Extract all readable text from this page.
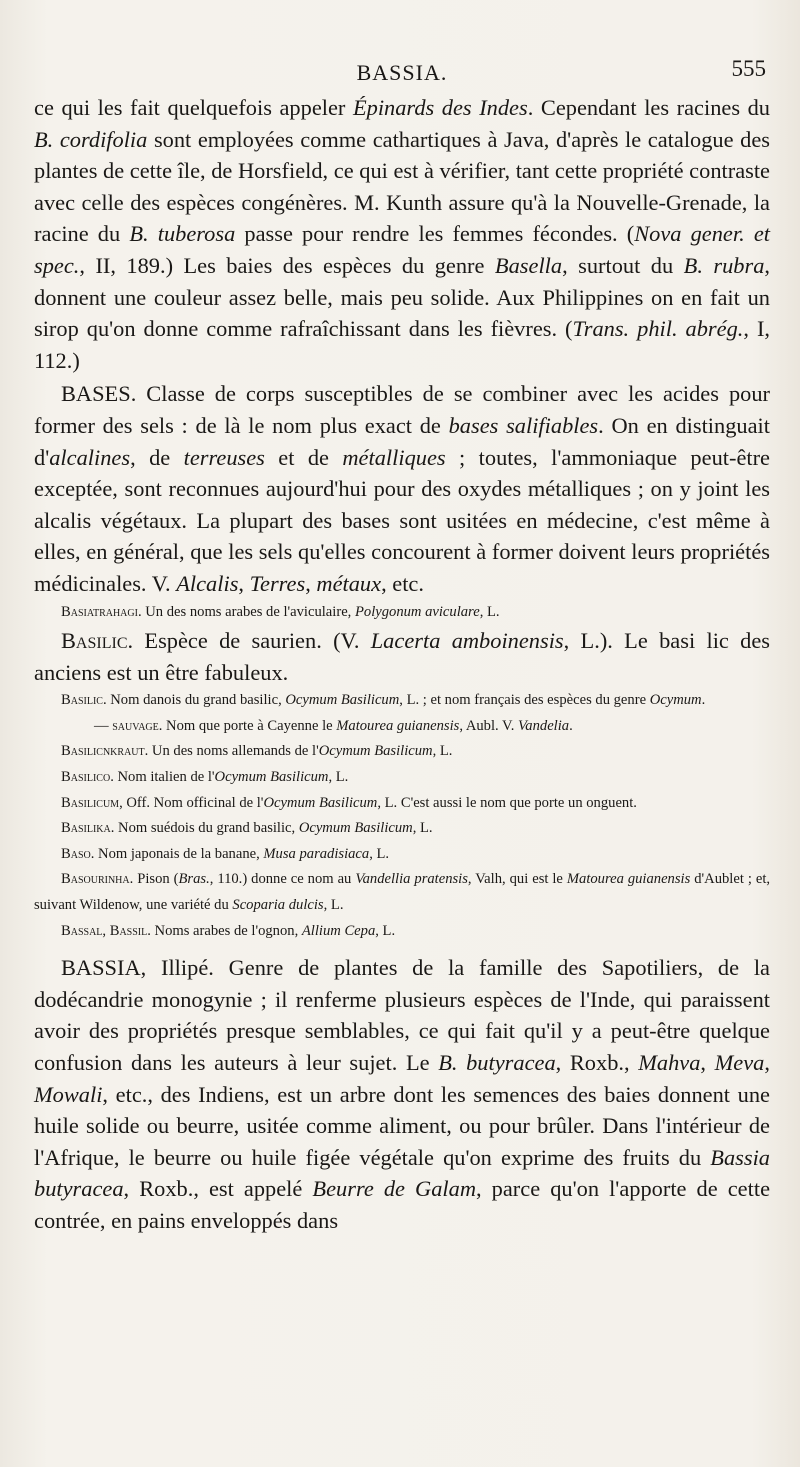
BASSIA.	555

ce qui les fait quelquefois appeler Épinards des Indes. Cependant les racines du B. cordifolia sont employées comme cathartiques à Java, d'après le catalogue des plantes de cette île, de Horsfield, ce qui est à vérifier, tant cette propriété contraste avec celle des espèces congénères. M. Kunth assure qu'à la Nouvelle-Grenade, la racine du B. tuberosa passe pour rendre les femmes fécondes. (Nova gener. et spec., II, 189.) Les baies des espèces du genre Basella, surtout du B. rubra, donnent une couleur assez belle, mais peu solide. Aux Philippines on en fait un sirop qu'on donne comme rafraîchissant dans les fièvres. (Trans. phil. abrég., I, 112.)

BASES. Classe de corps susceptibles de se combiner avec les acides pour former des sels : de là le nom plus exact de bases salifiables. On en distinguait d'alcalines, de terreuses et de métalliques ; toutes, l'ammoniaque peut-être exceptée, sont reconnues aujourd'hui pour des oxydes métalliques ; on y joint les alcalis végétaux. La plupart des bases sont usitées en médecine, c'est même à elles, en général, que les sels qu'elles concourent à former doivent leurs propriétés médicinales. V. Alcalis, Terres, métaux, etc.

Basiatrahagi. Un des noms arabes de l'aviculaire, Polygonum aviculare, L.

Basilic. Espèce de saurien. (V. Lacerta amboinensis, L.). Le basi lic des anciens est un être fabuleux.

Basilic. Nom danois du grand basilic, Ocymum Basilicum, L. ; et nom français des espèces du genre Ocymum.

— sauvage. Nom que porte à Cayenne le Matourea guianensis, Aubl. V. Vandelia.

Basilicnkraut. Un des noms allemands de l'Ocymum Basilicum, L.

Basilico. Nom italien de l'Ocymum Basilicum, L.

Basilicum, Off. Nom officinal de l'Ocymum Basilicum, L. C'est aussi le nom que porte un onguent.

Basilika. Nom suédois du grand basilic, Ocymum Basilicum, L.

Baso. Nom japonais de la banane, Musa paradisiaca, L.

Basourinha. Pison (Bras., 110.) donne ce nom au Vandellia pratensis, Valh, qui est le Matourea guianensis d'Aublet ; et, suivant Wildenow, une variété du Scoparia dulcis, L.

Bassal, Bassil. Noms arabes de l'ognon, Allium Cepa, L.

BASSIA, Illipé. Genre de plantes de la famille des Sapotiliers, de la dodécandrie monogynie ; il renferme plusieurs espèces de l'Inde, qui paraissent avoir des propriétés presque semblables, ce qui fait qu'il y a peut-être quelque confusion dans les auteurs à leur sujet. Le B. butyracea, Roxb., Mahva, Meva, Mowali, etc., des Indiens, est un arbre dont les semences des baies donnent une huile solide ou beurre, usitée comme aliment, ou pour brûler. Dans l'intérieur de l'Afrique, le beurre ou huile figée végétale qu'on exprime des fruits du Bassia butyracea, Roxb., est appelé Beurre de Galam, parce qu'on l'apporte de cette contrée, en pains enveloppés dans
